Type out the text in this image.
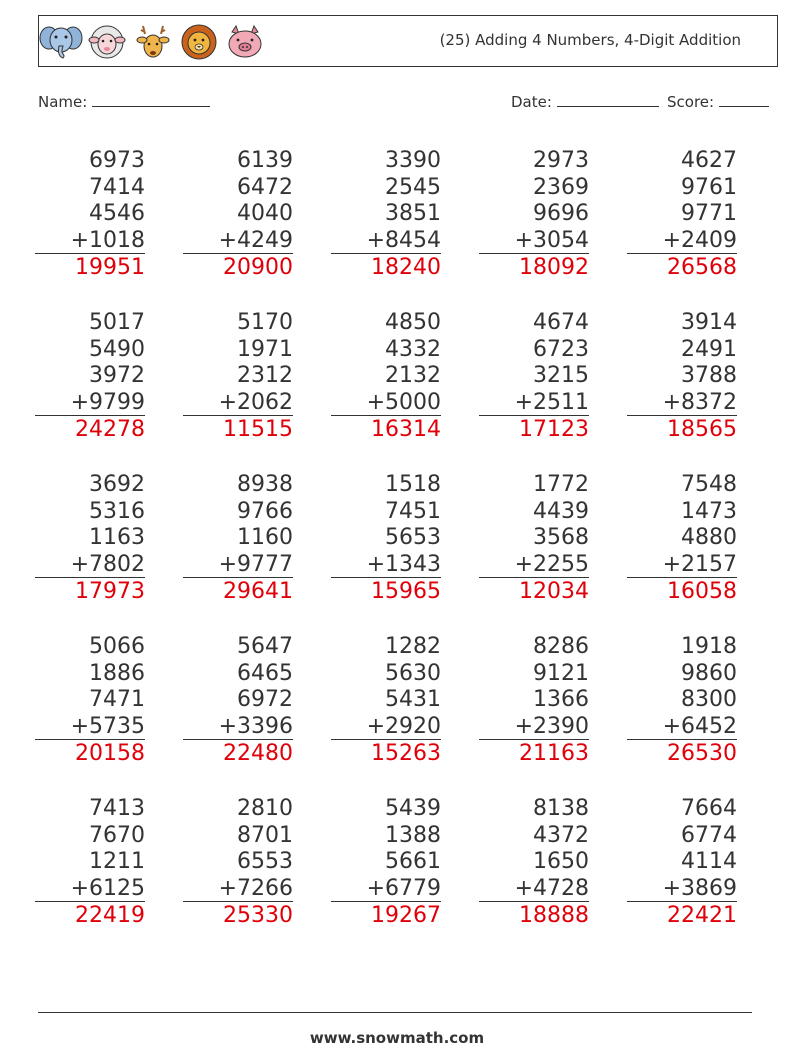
(25) Adding 4 Numbers, 4-Digit Addition
Name:	Date:	Score:
6973
7414
4546
+1018
19951
6139
6472
4040
+4249
20900
3390
2545
3851
+8454
18240
2973
2369
9696
+3054
18092
4627
9761
9771
+2409
26568
5017
5490
3972
+9799
24278
5170
1971
2312
+2062
11515
4850
4332
2132
+5000
16314
4674
6723
3215
+2511
17123
3914
2491
3788
+8372
18565
3692
5316
1163
+7802
17973
8938
9766
1160
+9777
29641
1518
7451
5653
+1343
15965
1772
4439
3568
+2255
12034
7548
1473
4880
+2157
16058
5066
1886
7471
+5735
20158
5647
6465
6972
+3396
22480
1282
5630
5431
+2920
15263
8286
9121
1366
+2390
21163
1918
9860
8300
+6452
26530
7413
7670
1211
+6125
22419
2810
8701
6553
+7266
25330
5439
1388
5661
+6779
19267
8138
4372
1650
+4728
18888
7664
6774
4114
+3869
22421
www.snowmath.com
